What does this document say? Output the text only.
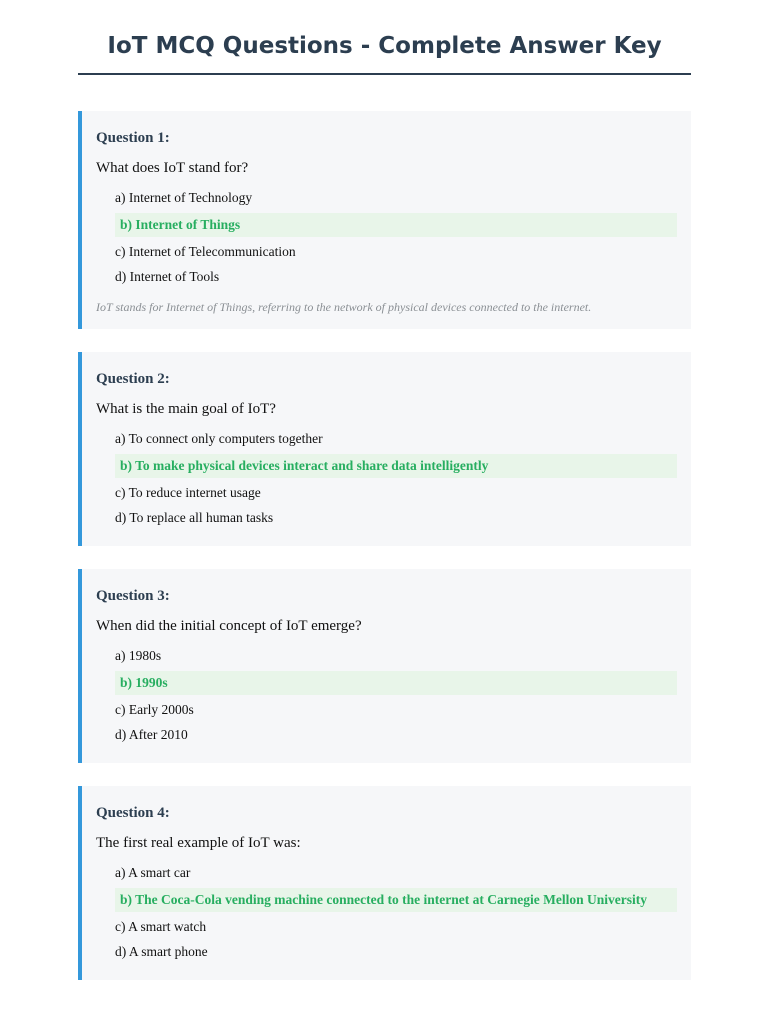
IoT MCQ Questions - Complete Answer Key
Question 1:
What does IoT stand for?
a) Internet of Technology
b) Internet of Things
c) Internet of Telecommunication
d) Internet of Tools
IoT stands for Internet of Things, referring to the network of physical devices connected to the internet.
Question 2:
What is the main goal of IoT?
a) To connect only computers together
b) To make physical devices interact and share data intelligently
c) To reduce internet usage
d) To replace all human tasks
Question 3:
When did the initial concept of IoT emerge?
a) 1980s
b) 1990s
c) Early 2000s
d) After 2010
Question 4:
The first real example of IoT was:
a) A smart car
b) The Coca-Cola vending machine connected to the internet at Carnegie Mellon University
c) A smart watch
d) A smart phone
